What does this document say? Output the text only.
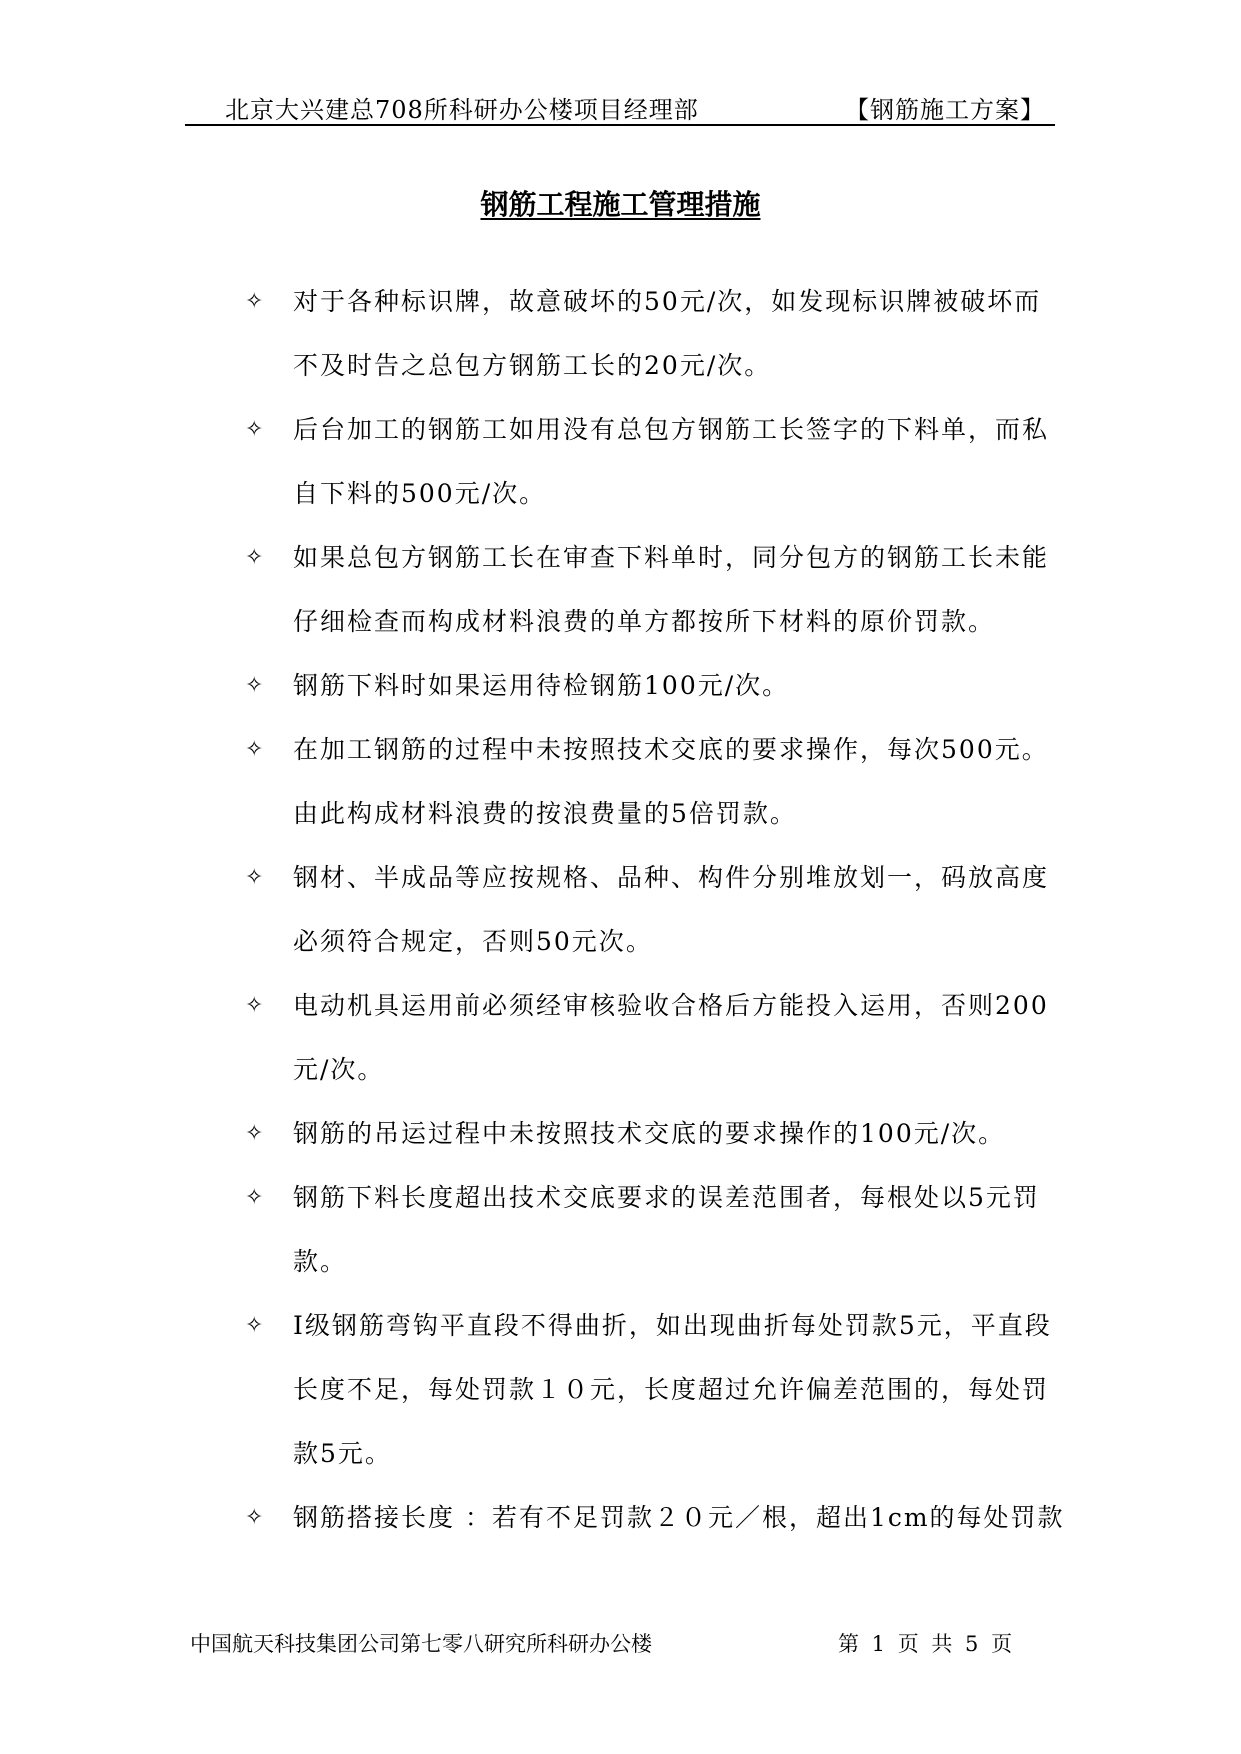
北京大兴建总708所科研办公楼项目经理部	【钢筋施工方案】
钢筋工程施工管理措施
✧ 对于各种标识牌，故意破坏的50元/次，如发现标识牌被破坏而不及时告之总包方钢筋工长的20元/次。
✧ 后台加工的钢筋工如用没有总包方钢筋工长签字的下料单，而私自下料的500元/次。
✧ 如果总包方钢筋工长在审查下料单时，同分包方的钢筋工长未能仔细检查而构成材料浪费的单方都按所下材料的原价罚款。
✧ 钢筋下料时如果运用待检钢筋100元/次。
✧ 在加工钢筋的过程中未按照技术交底的要求操作，每次500元。由此构成材料浪费的按浪费量的5倍罚款。
✧ 钢材、半成品等应按规格、品种、构件分别堆放划一，码放高度必须符合规定，否则50元次。
✧ 电动机具运用前必须经审核验收合格后方能投入运用，否则200元/次。
✧ 钢筋的吊运过程中未按照技术交底的要求操作的100元/次。
✧ 钢筋下料长度超出技术交底要求的误差范围者，每根处以5元罚款。
✧ Ⅰ级钢筋弯钩平直段不得曲折，如出现曲折每处罚款5元，平直段长度不足，每处罚款１０元，长度超过允许偏差范围的，每处罚款5元。
✧ 钢筋搭接长度 ：若有不足罚款２０元／根，超出1cm的每处罚款
中国航天科技集团公司第七零八研究所科研办公楼	第 1 页 共 5 页
